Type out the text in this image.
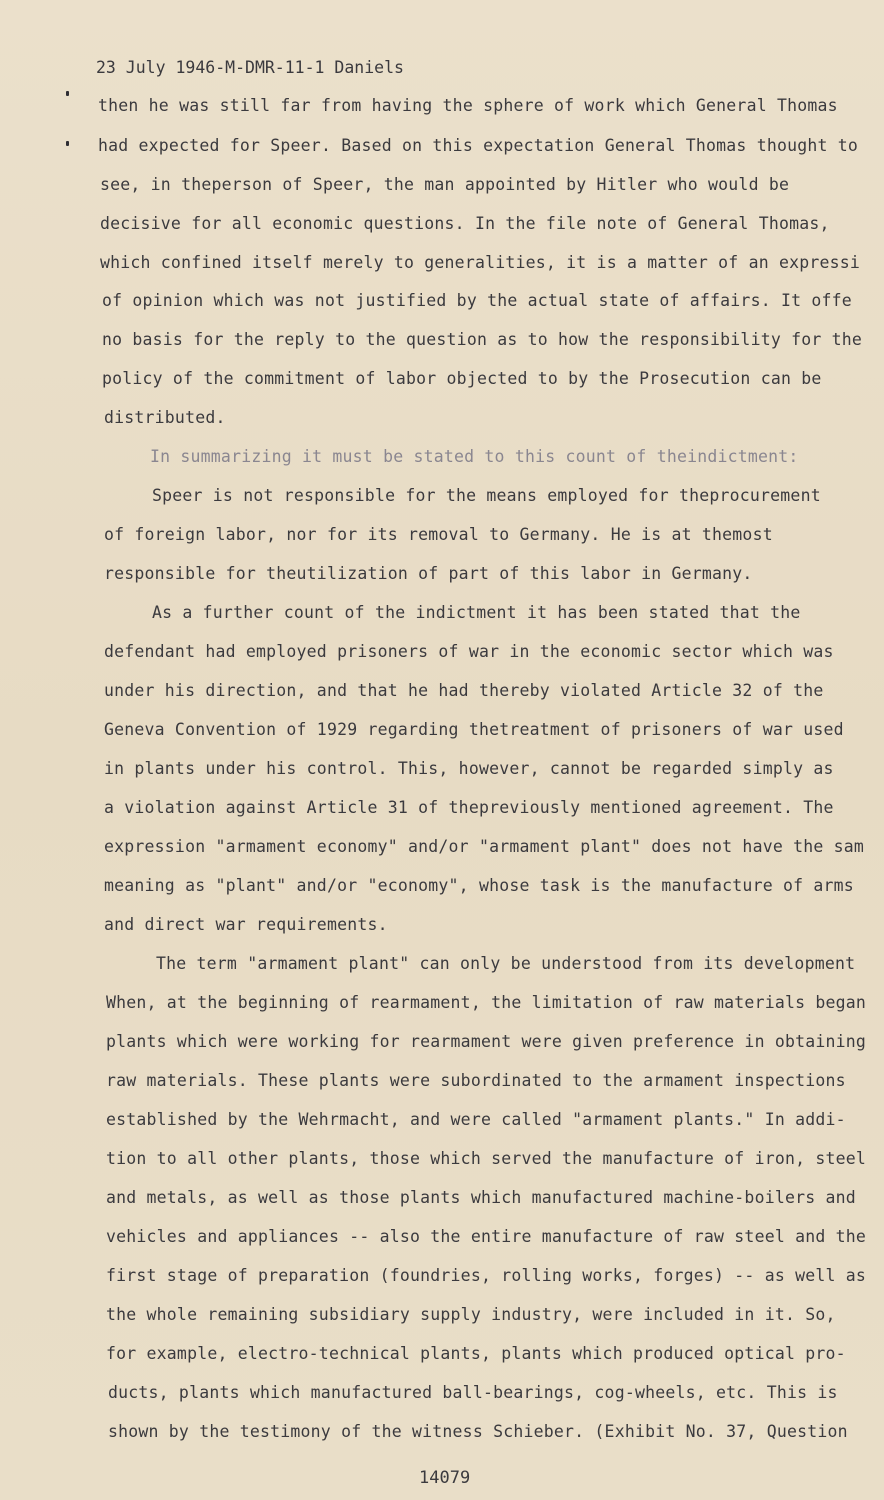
23 July 1946-M-DMR-11-1 Daniels
then he was still far from having the sphere of work which General Thomas
had expected for Speer. Based on this expectation General Thomas thought to
see, in theperson of Speer, the man appointed by Hitler who would be
decisive for all economic questions. In the file note of General Thomas,
which confined itself merely to generalities, it is a matter of an expressi
of opinion which was not justified by the actual state of affairs. It offe
no basis for the reply to the question as to how the responsibility for the
policy of the commitment of labor objected to by the Prosecution can be
distributed.
In summarizing it must be stated to this count of theindictment:
Speer is not responsible for the means employed for theprocurement
of foreign labor, nor for its removal to Germany. He is at themost
responsible for theutilization of part of this labor in Germany.
As a further count of the indictment it has been stated that the
defendant had employed prisoners of war in the economic sector which was
under his direction, and that he had thereby violated Article 32 of the
Geneva Convention of 1929 regarding thetreatment of prisoners of war used
in plants under his control. This, however, cannot be regarded simply as
a violation against Article 31 of thepreviously mentioned agreement. The
expression "armament economy" and/or "armament plant" does not have the sam
meaning as "plant" and/or "economy", whose task is the manufacture of arms
and direct war requirements.
The term "armament plant" can only be understood from its development
When, at the beginning of rearmament, the limitation of raw materials began
plants which were working for rearmament were given preference in obtaining
raw materials. These plants were subordinated to the armament inspections
established by the Wehrmacht, and were called "armament plants." In addi-
tion to all other plants, those which served the manufacture of iron, steel
and metals, as well as those plants which manufactured machine-boilers and
vehicles and appliances -- also the entire manufacture of raw steel and the
first stage of preparation (foundries, rolling works, forges) -- as well as
the whole remaining subsidiary supply industry, were included in it. So,
for example, electro-technical plants, plants which produced optical pro-
ducts, plants which manufactured ball-bearings, cog-wheels, etc. This is
shown by the testimony of the witness Schieber. (Exhibit No. 37, Question
14079
